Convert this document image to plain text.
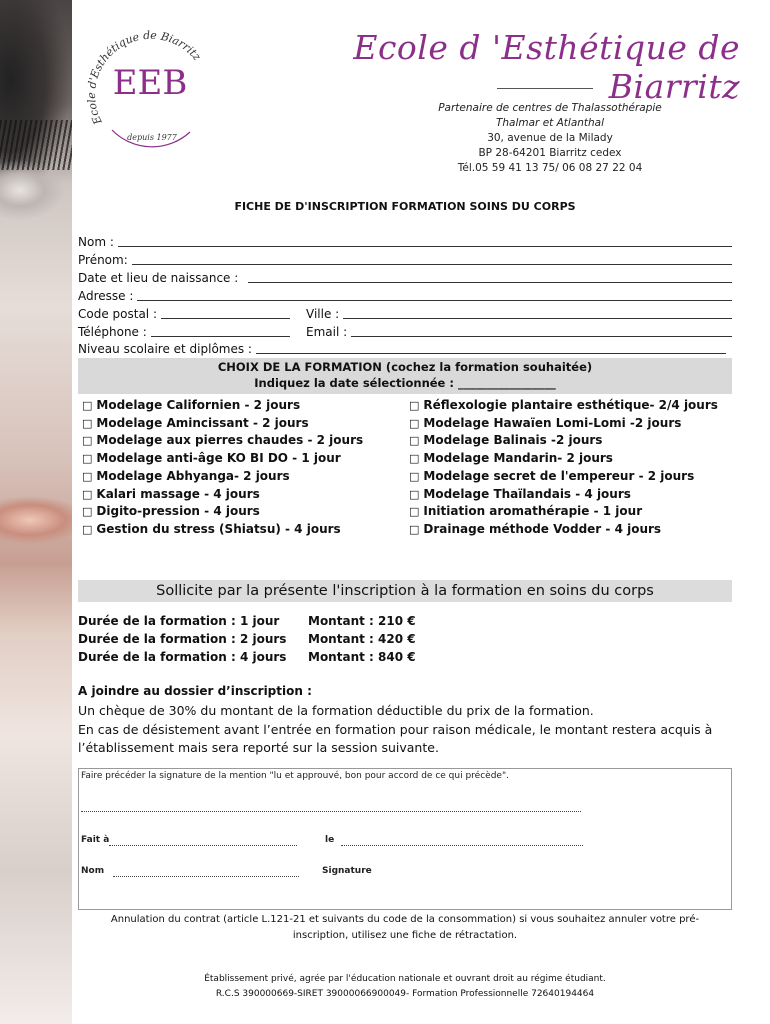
Ecole d'Esthétique de Biarritz
EEB
depuis 1977
Ecole d 'Esthétique de Biarritz
Partenaire de centres de Thalassothérapie
Thalmar et Atlanthal
30, avenue de la Milady
BP 28-64201 Biarritz cedex
Tél.05 59 41 13 75/ 06 08 27 22 04
FICHE DE D'INSCRIPTION FORMATION SOINS DU CORPS
Nom :
Prénom:
Date et lieu de naissance :
Adresse :
Code postal :	Ville :
Téléphone :	Email :
Niveau scolaire et diplômes :
CHOIX DE LA FORMATION (cochez la formation souhaitée)
Indiquez la date sélectionnée : _________________
□ Modelage Californien - 2 jours
□ Modelage Amincissant - 2 jours
□ Modelage aux pierres chaudes - 2 jours
□ Modelage anti-âge KO BI DO - 1 jour
□ Modelage Abhyanga- 2 jours
□ Kalari massage - 4 jours
□ Digito-pression - 4 jours
□ Gestion du stress (Shiatsu) - 4 jours
□ Réflexologie plantaire esthétique- 2/4 jours
□ Modelage Hawaïen Lomi-Lomi -2 jours
□ Modelage Balinais -2 jours
□ Modelage Mandarin- 2 jours
□ Modelage secret de l'empereur - 2 jours
□ Modelage Thaïlandais - 4 jours
□ Initiation aromathérapie - 1 jour
□ Drainage méthode Vodder - 4 jours
Sollicite par la présente l'inscription à la formation en soins du corps
Durée de la formation : 1 jour	Montant : 210 €
Durée de la formation : 2 jours	Montant : 420 €
Durée de la formation : 4 jours	Montant : 840 €
A joindre au dossier d’inscription :
Un chèque de 30% du montant de la formation déductible du prix de la formation.
En cas de désistement avant l’entrée en formation pour raison médicale, le montant restera acquis à l’établissement mais sera reporté sur la session suivante.
Faire précéder la signature de la mention "lu et approuvé, bon pour accord de ce qui précède".
Fait à	le
Nom	Signature
Annulation du contrat (article L.121-21 et suivants du code de la consommation) si vous souhaitez annuler votre pré-inscription, utilisez une fiche de rétractation.
Établissement privé, agrée par l'éducation nationale et ouvrant droit au régime étudiant.
R.C.S 390000669-SIRET 39000066900049- Formation Professionnelle 72640194464
